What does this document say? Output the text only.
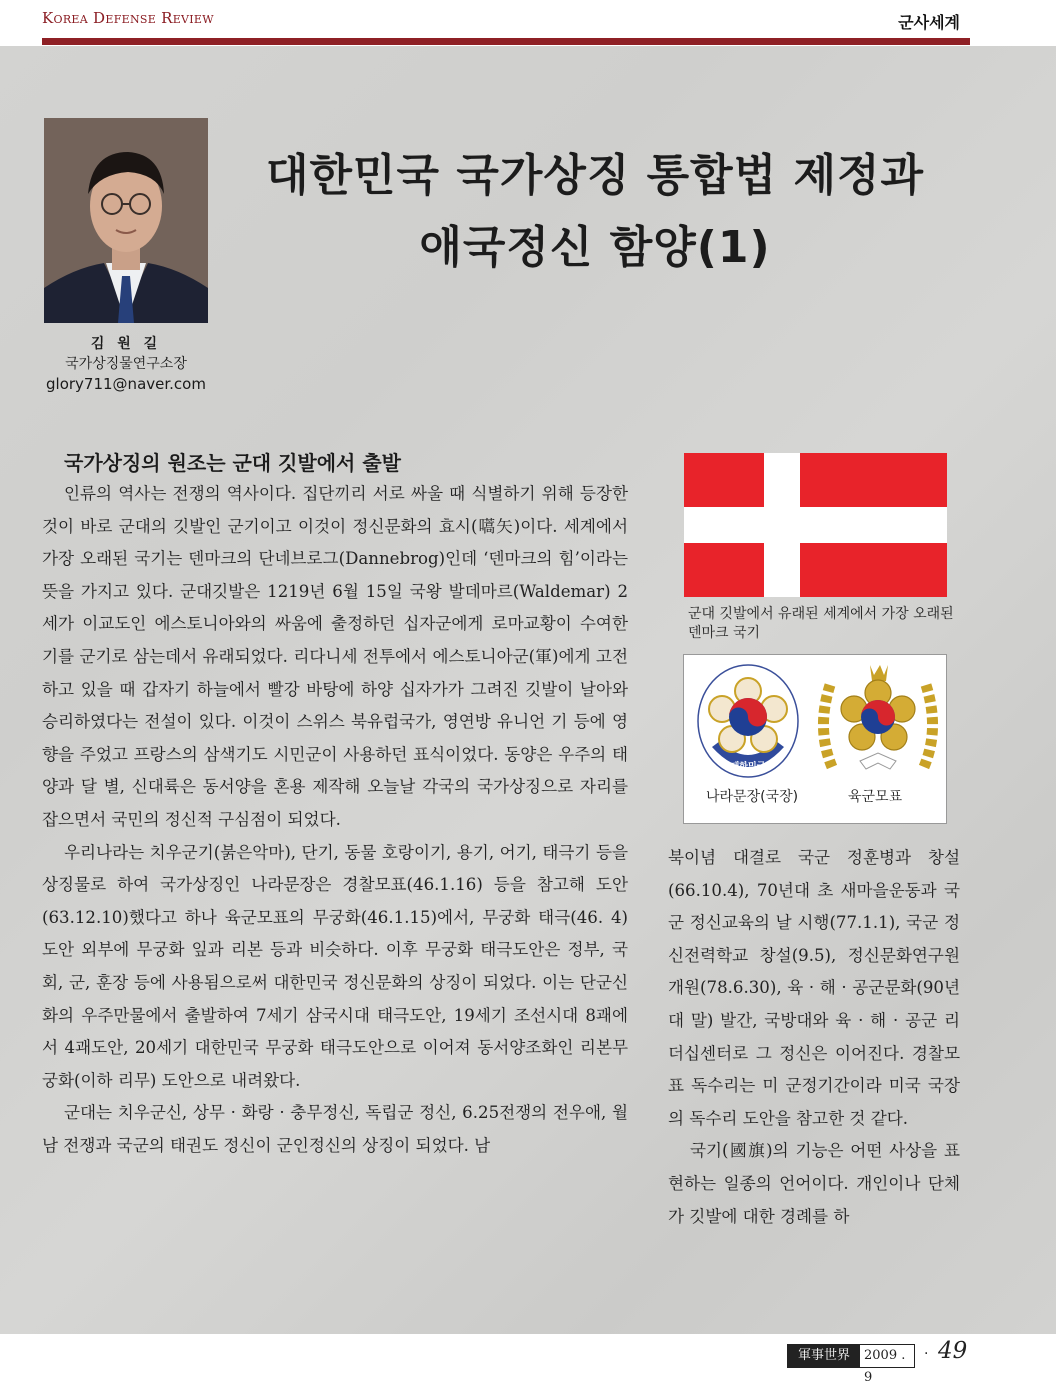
Korea Defense Review	군사세계
김 원 길
국가상징물연구소장
glory711@naver.com
대한민국 국가상징 통합법 제정과
애국정신 함양(1)
국가상징의 원조는 군대 깃발에서 출발

인류의 역사는 전쟁의 역사이다. 집단끼리 서로 싸울 때 식별하기 위해 등장한 것이 바로 군대의 깃발인 군기이고 이것이 정신문화의 효시(嚆矢)이다. 세계에서 가장 오래된 국기는 덴마크의 단네브로그(Dannebrog)인데 ‘덴마크의 힘’이라는 뜻을 가지고 있다. 군대깃발은 1219년 6월 15일 국왕 발데마르(Waldemar) 2세가 이교도인 에스토니아와의 싸움에 출정하던 십자군에게 로마교황이 수여한 기를 군기로 삼는데서 유래되었다. 리다니세 전투에서 에스토니아군(軍)에게 고전하고 있을 때 갑자기 하늘에서 빨강 바탕에 하양 십자가가 그려진 깃발이 날아와 승리하였다는 전설이 있다. 이것이 스위스 북유럽국가, 영연방 유니언 기 등에 영향을 주었고 프랑스의 삼색기도 시민군이 사용하던 표식이었다. 동양은 우주의 태양과 달 별, 신대륙은 동서양을 혼용 제작해 오늘날 각국의 국가상징으로 자리를 잡으면서 국민의 정신적 구심점이 되었다.

우리나라는 치우군기(붉은악마), 단기, 동물 호랑이기, 용기, 어기, 태극기 등을 상징물로 하여 국가상징인 나라문장은 경찰모표(46.1.16) 등을 참고해 도안(63.12.10)했다고 하나 육군모표의 무궁화(46.1.15)에서, 무궁화 태극(46. 4)도안 외부에 무궁화 잎과 리본 등과 비슷하다. 이후 무궁화 태극도안은 정부, 국회, 군, 훈장 등에 사용됨으로써 대한민국 정신문화의 상징이 되었다. 이는 단군신화의 우주만물에서 출발하여 7세기 삼국시대 태극도안, 19세기 조선시대 8괘에서 4괘도안, 20세기 대한민국 무궁화 태극도안으로 이어져 동서양조화인 리본무궁화(이하 리무) 도안으로 내려왔다.

군대는 치우군신, 상무 · 화랑 · 충무정신, 독립군 정신, 6.25전쟁의 전우애, 월남 전쟁과 국군의 태권도 정신이 군인정신의 상징이 되었다. 남

군대 깃발에서 유래된 세계에서 가장 오래된 덴마크 국기
대한민국
나라문장(국장)	육군모표

북이념 대결로 국군 정훈병과 창설(66.10.4), 70년대 초 새마을운동과 국군 정신교육의 날 시행(77.1.1), 국군 정신전력학교 창설(9.5), 정신문화연구원 개원(78.6.30), 육 · 해 · 공군문화(90년대 말) 발간, 국방대와 육 · 해 · 공군 리더십센터로 그 정신은 이어진다. 경찰모표 독수리는 미 군정기간이라 미국 국장의 독수리 도안을 참고한 것 같다.

국기(國旗)의 기능은 어떤 사상을 표현하는 일종의 언어이다. 개인이나 단체가 깃발에 대한 경례를 하

軍事世界	2009 . 9
· 49
